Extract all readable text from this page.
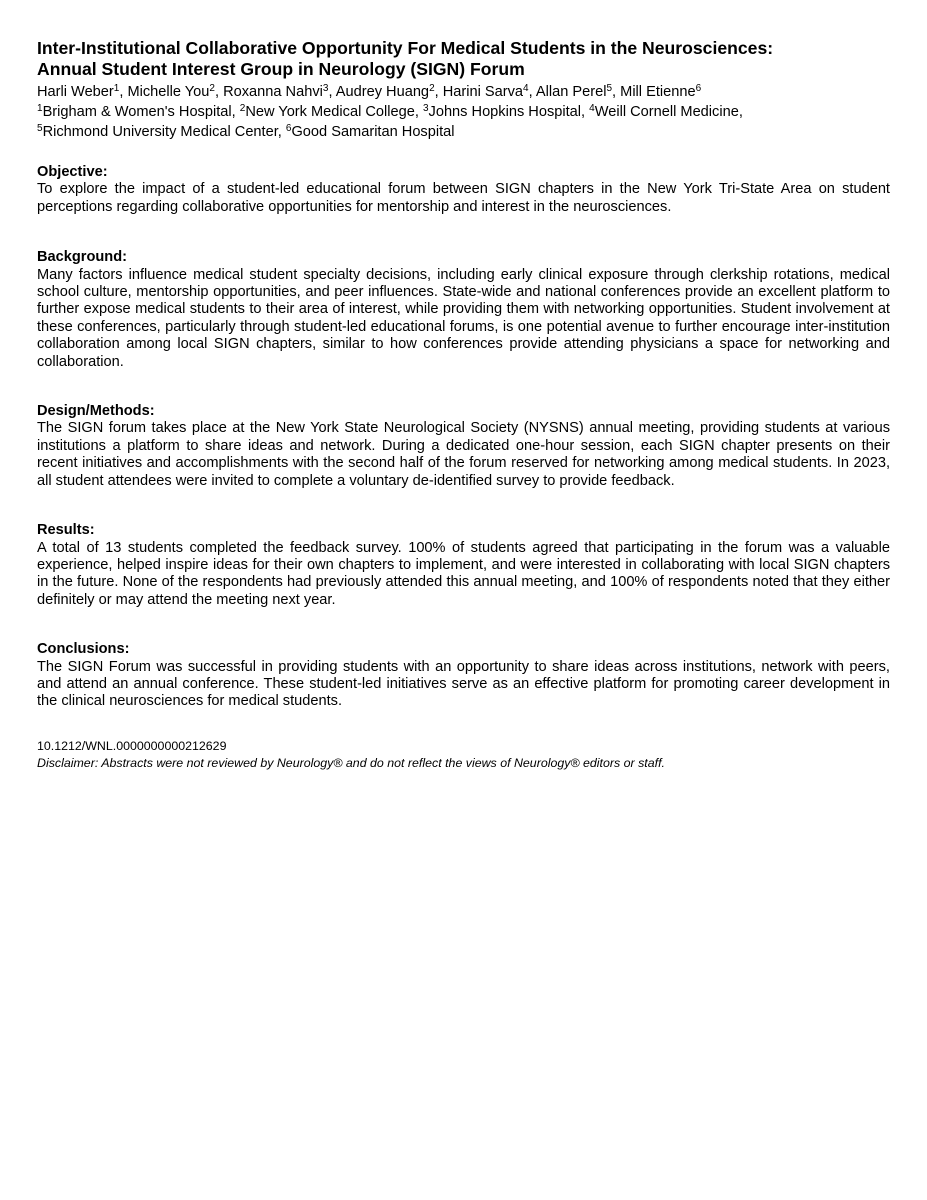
Inter-Institutional Collaborative Opportunity For Medical Students in the Neurosciences:
Annual Student Interest Group in Neurology (SIGN) Forum

Harli Weber$^1$, Michelle You$^2$, Roxanna Nahvi$^3$, Audrey Huang$^2$, Harini Sarva$^4$, Allan Perel$^5$, Mill Etienne$^6$

$^1$Brigham & Women's Hospital, $^2$New York Medical College, $^3$Johns Hopkins Hospital, $^4$Weill Cornell Medicine,
$^5$Richmond University Medical Center, $^6$Good Samaritan Hospital

Objective:

To explore the impact of a student-led educational forum between SIGN chapters in the New York Tri-State Area on student perceptions regarding collaborative opportunities for mentorship and interest in the neurosciences.

Background:

Many factors influence medical student specialty decisions, including early clinical exposure through clerkship rotations, medical school culture, mentorship opportunities, and peer influences. State-wide and national conferences provide an excellent platform to further expose medical students to their area of interest, while providing them with networking opportunities. Student involvement at these conferences, particularly through student-led educational forums, is one potential avenue to further encourage inter-institution collaboration among local SIGN chapters, similar to how conferences provide attending physicians a space for networking and collaboration.

Design/Methods:

The SIGN forum takes place at the New York State Neurological Society (NYSNS) annual meeting, providing students at various institutions a platform to share ideas and network. During a dedicated one-hour session, each SIGN chapter presents on their recent initiatives and accomplishments with the second half of the forum reserved for networking among medical students. In 2023, all student attendees were invited to complete a voluntary de-identified survey to provide feedback.

Results:

A total of 13 students completed the feedback survey. 100% of students agreed that participating in the forum was a valuable experience, helped inspire ideas for their own chapters to implement, and were interested in collaborating with local SIGN chapters in the future. None of the respondents had previously attended this annual meeting, and 100% of respondents noted that they either definitely or may attend the meeting next year.

Conclusions:

The SIGN Forum was successful in providing students with an opportunity to share ideas across institutions, network with peers, and attend an annual conference. These student-led initiatives serve as an effective platform for promoting career development in the clinical neurosciences for medical students.

10.1212/WNL.0000000000212629
Disclaimer: Abstracts were not reviewed by Neurology® and do not reflect the views of Neurology® editors or staff.
